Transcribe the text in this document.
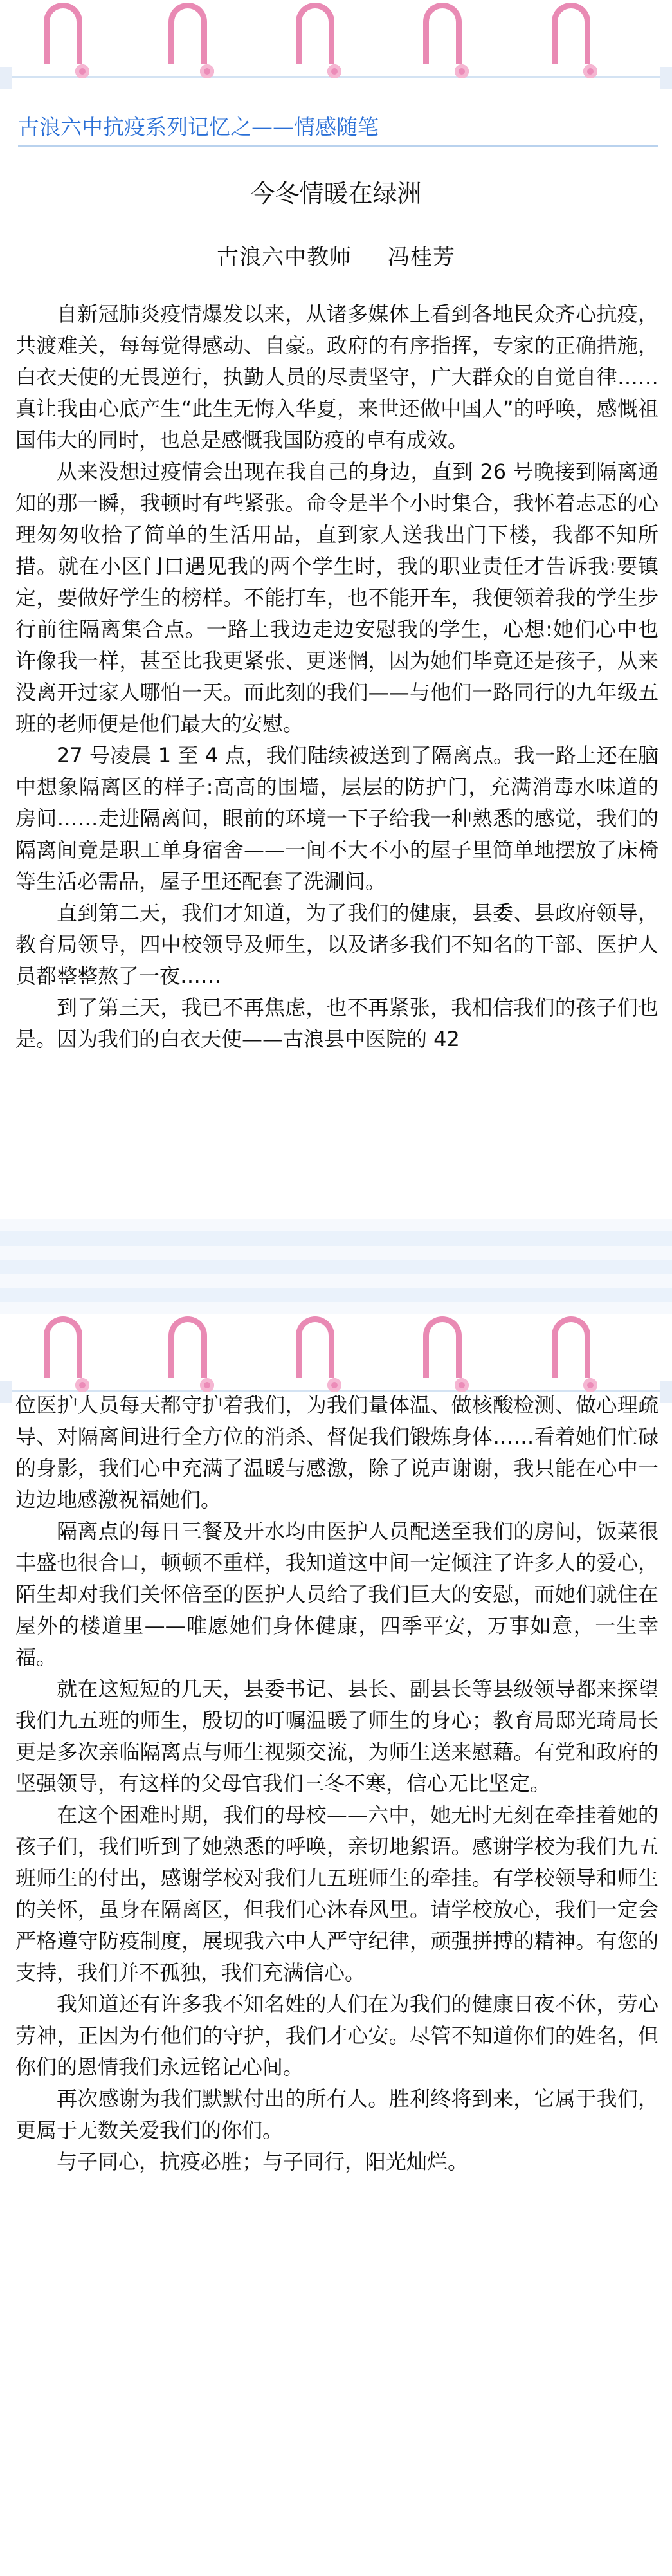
古浪六中抗疫系列记忆之——情感随笔
今冬情暖在绿洲
古浪六中教师 冯桂芳

自新冠肺炎疫情爆发以来，从诸多媒体上看到各地民众齐心抗疫，共渡难关，每每觉得感动、自豪。政府的有序指挥，专家的正确措施，白衣天使的无畏逆行，执勤人员的尽责坚守，广大群众的自觉自律……真让我由心底产生“此生无悔入华夏，来世还做中国人”的呼唤，感慨祖国伟大的同时，也总是感慨我国防疫的卓有成效。

从来没想过疫情会出现在我自己的身边，直到 26 号晚接到隔离通知的那一瞬，我顿时有些紧张。命令是半个小时集合，我怀着忐忑的心理匆匆收拾了简单的生活用品，直到家人送我出门下楼，我都不知所措。就在小区门口遇见我的两个学生时，我的职业责任才告诉我:要镇定，要做好学生的榜样。不能打车，也不能开车，我便领着我的学生步行前往隔离集合点。一路上我边走边安慰我的学生，心想:她们心中也许像我一样，甚至比我更紧张、更迷惘，因为她们毕竟还是孩子，从来没离开过家人哪怕一天。而此刻的我们——与他们一路同行的九年级五班的老师便是他们最大的安慰。

27 号凌晨 1 至 4 点，我们陆续被送到了隔离点。我一路上还在脑中想象隔离区的样子:高高的围墙，层层的防护门，充满消毒水味道的房间……走进隔离间，眼前的环境一下子给我一种熟悉的感觉，我们的隔离间竟是职工单身宿舍——一间不大不小的屋子里简单地摆放了床椅等生活必需品，屋子里还配套了洗涮间。

直到第二天，我们才知道，为了我们的健康，县委、县政府领导，教育局领导，四中校领导及师生，以及诸多我们不知名的干部、医护人员都整整熬了一夜……

到了第三天，我已不再焦虑，也不再紧张，我相信我们的孩子们也是。因为我们的白衣天使——古浪县中医院的 42

位医护人员每天都守护着我们，为我们量体温、做核酸检测、做心理疏导、对隔离间进行全方位的消杀、督促我们锻炼身体……看着她们忙碌的身影，我们心中充满了温暖与感激，除了说声谢谢，我只能在心中一边边地感激祝福她们。

隔离点的每日三餐及开水均由医护人员配送至我们的房间，饭菜很丰盛也很合口，顿顿不重样，我知道这中间一定倾注了许多人的爱心，陌生却对我们关怀倍至的医护人员给了我们巨大的安慰，而她们就住在屋外的楼道里——唯愿她们身体健康，四季平安，万事如意，一生幸福。

就在这短短的几天，县委书记、县长、副县长等县级领导都来探望我们九五班的师生，殷切的叮嘱温暖了师生的身心；教育局邸光琦局长更是多次亲临隔离点与师生视频交流，为师生送来慰藉。有党和政府的坚强领导，有这样的父母官我们三冬不寒，信心无比坚定。

在这个困难时期，我们的母校——六中，她无时无刻在牵挂着她的孩子们，我们听到了她熟悉的呼唤，亲切地絮语。感谢学校为我们九五班师生的付出，感谢学校对我们九五班师生的牵挂。有学校领导和师生的关怀，虽身在隔离区，但我们心沐春风里。请学校放心，我们一定会严格遵守防疫制度，展现我六中人严守纪律，顽强拼搏的精神。有您的支持，我们并不孤独，我们充满信心。

我知道还有许多我不知名姓的人们在为我们的健康日夜不休，劳心劳神，正因为有他们的守护，我们才心安。尽管不知道你们的姓名，但你们的恩情我们永远铭记心间。

再次感谢为我们默默付出的所有人。胜利终将到来，它属于我们，更属于无数关爱我们的你们。

与子同心，抗疫必胜；与子同行，阳光灿烂。
